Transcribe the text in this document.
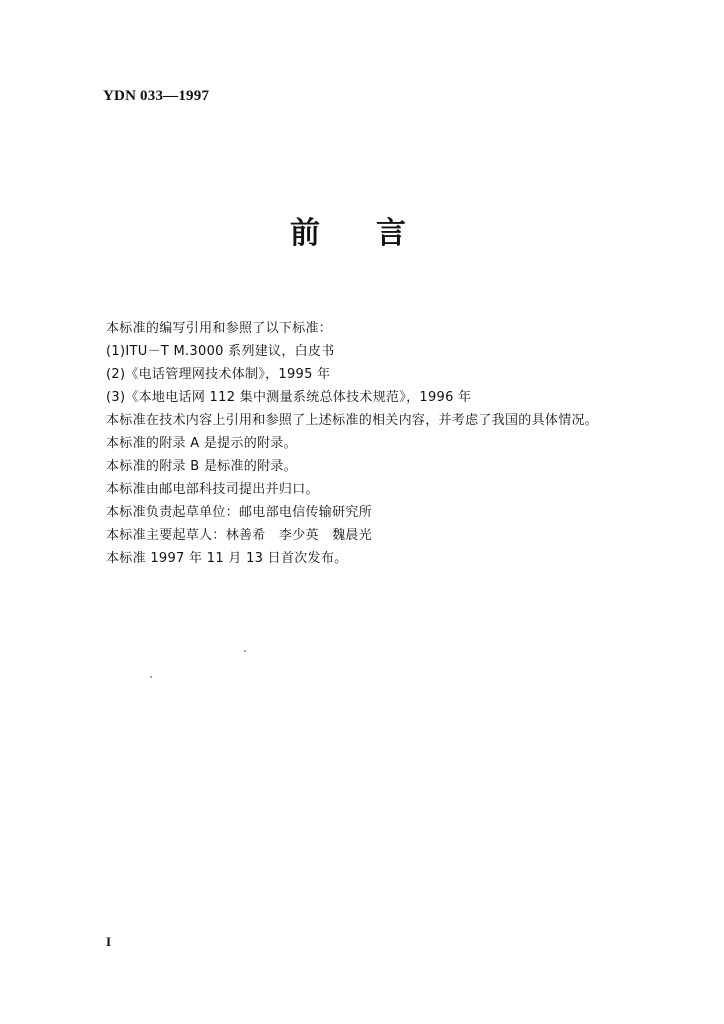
YDN 033—1997
前言
本标准的编写引用和参照了以下标准：
(1)ITU－T M.3000 系列建议，白皮书
(2)《电话管理网技术体制》，1995 年
(3)《本地电话网 112 集中测量系统总体技术规范》，1996 年
本标准在技术内容上引用和参照了上述标准的相关内容，并考虑了我国的具体情况。
本标准的附录 A 是提示的附录。
本标准的附录 B 是标准的附录。
本标准由邮电部科技司提出并归口。
本标准负责起草单位：邮电部电信传输研究所
本标准主要起草人：林善希　李少英　魏晨光
本标准 1997 年 11 月 13 日首次发布。
I
